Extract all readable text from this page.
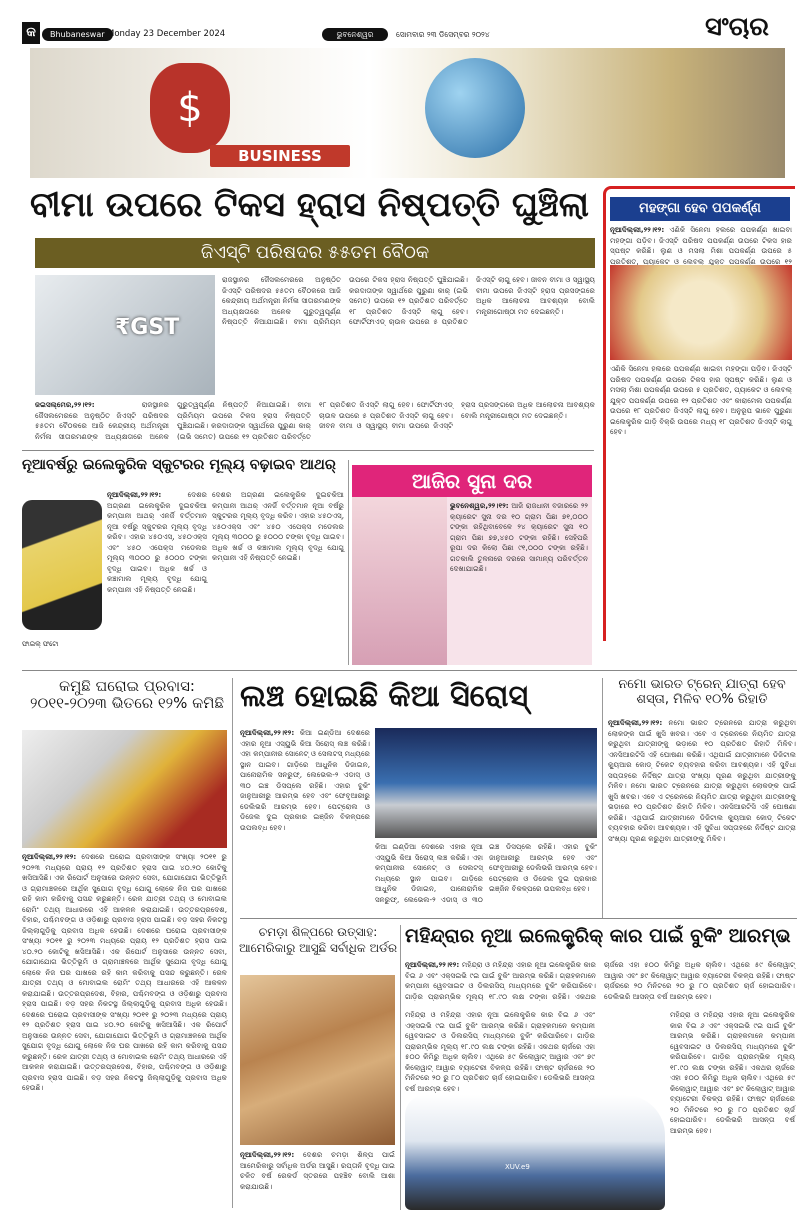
କ	Bhubaneswar Monday 23 December 2024	ଭୁବନେଶ୍ୱର	ସୋମବାର ୨୩ ଡିସେମ୍ବର ୨୦୨୪	ସଂଚାର
$
BUSINESS
ବୀମା ଉପରେ ଟିକସ ହ୍ରାସ ନିଷ୍ପତ୍ତି ଘୁଞ୍ଚିଲା
ଜିଏସ୍‌ଟି ପରିଷଦର ୫୫ତମ ବୈଠକ
₹GST
ରାଜସ୍ଥାନର ଜୈସଲମେରରେ ଅନୁଷ୍ଠିତ ଜିଏସ୍‌ଟି ପରିଷଦର ୫୫ତମ ବୈଠକରେ ଆଜି କେନ୍ଦ୍ରୀୟ ଅର୍ଥମନ୍ତ୍ରୀ ନିର୍ମଳା ସୀତାରମଣଙ୍କ ଅଧ୍ୟକ୍ଷତାରେ ଅନେକ ଗୁରୁତ୍ୱପୂର୍ଣ୍ଣ ନିଷ୍ପତ୍ତି ନିଆଯାଇଛି। ବୀମା ପ୍ରିମିୟମ ଉପରେ ଟିକସ ହ୍ରାସ ନିଷ୍ପତ୍ତି ଘୁଞ୍ଚିଯାଇଛି। କରଦାତାଙ୍କ ସ୍ୱାର୍ଥରେ ପୁରୁଣା କାର୍ (ଇଭି ସମେତ) ଉପରେ ୧୨ ପ୍ରତିଶତ ପରିବର୍ତ୍ତେ ୧୮ ପ୍ରତିଶତ ଜିଏସ୍‌ଟି ଲାଗୁ ହେବ। ଫୋର୍ଟିଫାଏଡ୍ ଚାଉଳ ଉପରେ ୫ ପ୍ରତିଶତ ଜିଏସ୍‌ଟି ଲାଗୁ ହେବ। ଜୀବନ ବୀମା ଓ ସ୍ୱାସ୍ଥ୍ୟ ବୀମା ଉପରେ ଜିଏସ୍‌ଟି ହ୍ରାସ ପ୍ରସଙ୍ଗରେ ଅଧିକ ଆଲୋଚନା ଆବଶ୍ୟକ ବୋଲି ମନ୍ତ୍ରୀଗୋଷ୍ଠୀ ମତ ଦେଇଛନ୍ତି।
ଜଇସଲ୍ମେର,୨୨।୧୨:	ରାଜସ୍ଥାନର ଜୈସଲମେରରେ ଅନୁଷ୍ଠିତ ଜିଏସ୍‌ଟି ପରିଷଦର ୫୫ତମ ବୈଠକରେ ଆଜି କେନ୍ଦ୍ରୀୟ ଅର୍ଥମନ୍ତ୍ରୀ ନିର୍ମଳା ସୀତାରମଣଙ୍କ ଅଧ୍ୟକ୍ଷତାରେ ଅନେକ ଗୁରୁତ୍ୱପୂର୍ଣ୍ଣ ନିଷ୍ପତ୍ତି ନିଆଯାଇଛି। ବୀମା ପ୍ରିମିୟମ ଉପରେ ଟିକସ ହ୍ରାସ ନିଷ୍ପତ୍ତି ଘୁଞ୍ଚିଯାଇଛି। କରଦାତାଙ୍କ ସ୍ୱାର୍ଥରେ ପୁରୁଣା କାର୍ (ଇଭି ସମେତ) ଉପରେ ୧୨ ପ୍ରତିଶତ ପରିବର୍ତ୍ତେ ୧୮ ପ୍ରତିଶତ ଜିଏସ୍‌ଟି ଲାଗୁ ହେବ। ଫୋର୍ଟିଫାଏଡ୍ ଚାଉଳ ଉପରେ ୫ ପ୍ରତିଶତ ଜିଏସ୍‌ଟି ଲାଗୁ ହେବ। ଜୀବନ ବୀମା ଓ ସ୍ୱାସ୍ଥ୍ୟ ବୀମା ଉପରେ ଜିଏସ୍‌ଟି ହ୍ରାସ ପ୍ରସଙ୍ଗରେ ଅଧିକ ଆଲୋଚନା ଆବଶ୍ୟକ ବୋଲି ମନ୍ତ୍ରୀଗୋଷ୍ଠୀ ମତ ଦେଇଛନ୍ତି।
ମହଙ୍ଗା ହେବ ପପକର୍ଣ୍ଣ
ନୂଆଦିଲ୍ଲୀ,୨୨।୧୨: ଏଣିକି ସିନେମା ହଲରେ ପପକର୍ଣ୍ଣ ଖାଇବା ମହଙ୍ଗା ପଡ଼ିବ। ଜିଏସ୍‌ଟି ପରିଷଦ ପପକର୍ଣ୍ଣ ଉପରେ ଟିକସ ହାର ସ୍ପଷ୍ଟ କରିଛି। ଲୁଣ ଓ ମସଲା ମିଶା ପପକର୍ଣ୍ଣ ଉପରେ ୫ ପ୍ରତିଶତ, ପ୍ୟାକେଟ ଓ ଲେବଲ୍ ଯୁକ୍ତ ପପକର୍ଣ୍ଣ ଉପରେ ୧୨
ଏଣିକି ସିନେମା ହଲରେ ପପକର୍ଣ୍ଣ ଖାଇବା ମହଙ୍ଗା ପଡ଼ିବ। ଜିଏସ୍‌ଟି ପରିଷଦ ପପକର୍ଣ୍ଣ ଉପରେ ଟିକସ ହାର ସ୍ପଷ୍ଟ କରିଛି। ଲୁଣ ଓ ମସଲା ମିଶା ପପକର୍ଣ୍ଣ ଉପରେ ୫ ପ୍ରତିଶତ, ପ୍ୟାକେଟ ଓ ଲେବଲ୍ ଯୁକ୍ତ ପପକର୍ଣ୍ଣ ଉପରେ ୧୨ ପ୍ରତିଶତ ଏବଂ କାରାମେଲ ପପକର୍ଣ୍ଣ ଉପରେ ୧୮ ପ୍ରତିଶତ ଜିଏସ୍‌ଟି ଲାଗୁ ହେବ। ଅନୁରୂପ ଭାବେ ପୁରୁଣା ଇଲେକ୍ଟ୍ରିକ ଗାଡ଼ି ବିକ୍ରି ଉପରେ ମଧ୍ୟ ୧୮ ପ୍ରତିଶତ ଜିଏସ୍‌ଟି ଲାଗୁ ହେବ।
ନୂଆବର୍ଷରୁ ଇଲେକ୍ଟ୍ରିକ ସ୍କୁଟରର ମୂଲ୍ୟ ବଢ଼ାଇବ ଆଥର୍
ଫାଇଲ୍ ଫଟୋ
ନୂଆଦିଲ୍ଲୀ,୨୨।୧୨:	ଦେଶର ଅଗ୍ରଣୀ ଇଲେକ୍ଟ୍ରିକ ଦୁଇଚକିଆ କମ୍ପାନୀ ଆଥର୍ ଏନର୍ଜି ବର୍ତ୍ତମାନ ନୂଆ ବର୍ଷରୁ ସ୍କୁଟରର ମୂଲ୍ୟ ବୃଦ୍ଧି କରିବ। ଏହାର ୪୫୦ଏସ୍, ୪୫୦ଏକ୍ସ ଏବଂ ୪୫୦ ଏପେକ୍ସ ମଡେଲର ମୂଲ୍ୟ ୩୦୦୦ ରୁ ୫୦୦୦ ଟଙ୍କା ବୃଦ୍ଧି ପାଇବ। ଅଧିକ ଖର୍ଚ୍ଚ ଓ କଞ୍ଚାମାଲ ମୂଲ୍ୟ ବୃଦ୍ଧି ଯୋଗୁ କମ୍ପାନୀ ଏହି ନିଷ୍ପତ୍ତି ନେଇଛି।
ଦେଶର ଅଗ୍ରଣୀ ଇଲେକ୍ଟ୍ରିକ ଦୁଇଚକିଆ କମ୍ପାନୀ ଆଥର୍ ଏନର୍ଜି ବର୍ତ୍ତମାନ ନୂଆ ବର୍ଷରୁ ସ୍କୁଟରର ମୂଲ୍ୟ ବୃଦ୍ଧି କରିବ। ଏହାର ୪୫୦ଏସ୍, ୪୫୦ଏକ୍ସ ଏବଂ ୪୫୦ ଏପେକ୍ସ ମଡେଲର ମୂଲ୍ୟ ୩୦୦୦ ରୁ ୫୦୦୦ ଟଙ୍କା ବୃଦ୍ଧି ପାଇବ। ଅଧିକ ଖର୍ଚ୍ଚ ଓ କଞ୍ଚାମାଲ ମୂଲ୍ୟ ବୃଦ୍ଧି ଯୋଗୁ କମ୍ପାନୀ ଏହି ନିଷ୍ପତ୍ତି ନେଇଛି।
ଆଜିର ସୁନା ଦର
ଭୁବନେଶ୍ୱର,୨୨।୧୨: ଆଜି ରାଜଧାନୀ ବଜାରରେ ୨୨ କ୍ୟାରେଟ ସୁନା ଦର ୧୦ ଗ୍ରାମ ପିଛା ୭୧,୦୦୦ ଟଙ୍କା ରହିଥିବାବେଳେ ୨୪ କ୍ୟାରେଟ ସୁନା ୧୦ ଗ୍ରାମ ପିଛା ୭୭,୪୫୦ ଟଙ୍କା ରହିଛି। ସେହିପରି ରୂପା ଦର କିଲୋ ପିଛା ୯୧,୦୦୦ ଟଙ୍କା ରହିଛି। ଗତକାଲି ତୁଳନାରେ ଦରରେ ସାମାନ୍ୟ ପରିବର୍ତ୍ତନ ଦେଖାଯାଇଛି।
କମୁଛି ଘରୋଇ ପ୍ରବାସ: ୨୦୧୧-୨୦୨୩ ଭିତରେ ୧୨% କମିଛି
ନୂଆଦିଲ୍ଲୀ,୨୨।୧୨: ଦେଶରେ ଘରୋଇ ପ୍ରବାସୀଙ୍କ ସଂଖ୍ୟା ୨୦୧୧ ରୁ ୨୦୨୩ ମଧ୍ୟରେ ପ୍ରାୟ ୧୨ ପ୍ରତିଶତ ହ୍ରାସ ପାଇ ୪୦.୨୦ କୋଟିକୁ ଖସିଆସିଛି। ଏକ ରିପୋର୍ଟ ଅନୁସାରେ ଉନ୍ନତ ସେବା, ଯୋଗାଯୋଗ ଭିତ୍ତିଭୂମି ଓ ଗ୍ରାମାଞ୍ଚଳରେ ଆର୍ଥିକ ସୁଯୋଗ ବୃଦ୍ଧି ଯୋଗୁ ଲୋକେ ନିଜ ଘର ପାଖରେ ରହି କାମ କରିବାକୁ ପସନ୍ଦ କରୁଛନ୍ତି। ରେଳ ଯାତ୍ରୀ ତଥ୍ୟ ଓ ମୋବାଇଲ ରୋମିଂ ତଥ୍ୟ ଆଧାରରେ ଏହି ଆକଳନ କରାଯାଇଛି। ଉତ୍ତରପ୍ରଦେଶ, ବିହାର, ପଶ୍ଚିମବଙ୍ଗ ଓ ଓଡ଼ିଶାରୁ ପ୍ରବାସ ହ୍ରାସ ପାଇଛି। ବଡ଼ ସହର ନିକଟସ୍ଥ ଜିଲ୍ଲାଗୁଡ଼ିକୁ ପ୍ରବାସ ଅଧିକ ହେଉଛି। ଦେଶରେ ଘରୋଇ ପ୍ରବାସୀଙ୍କ ସଂଖ୍ୟା ୨୦୧୧ ରୁ ୨୦୨୩ ମଧ୍ୟରେ ପ୍ରାୟ ୧୨ ପ୍ରତିଶତ ହ୍ରାସ ପାଇ ୪୦.୨୦ କୋଟିକୁ ଖସିଆସିଛି। ଏକ ରିପୋର୍ଟ ଅନୁସାରେ ଉନ୍ନତ ସେବା, ଯୋଗାଯୋଗ ଭିତ୍ତିଭୂମି ଓ ଗ୍ରାମାଞ୍ଚଳରେ ଆର୍ଥିକ ସୁଯୋଗ ବୃଦ୍ଧି ଯୋଗୁ ଲୋକେ ନିଜ ଘର ପାଖରେ ରହି କାମ କରିବାକୁ ପସନ୍ଦ କରୁଛନ୍ତି। ରେଳ ଯାତ୍ରୀ ତଥ୍ୟ ଓ ମୋବାଇଲ ରୋମିଂ ତଥ୍ୟ ଆଧାରରେ ଏହି ଆକଳନ କରାଯାଇଛି। ଉତ୍ତରପ୍ରଦେଶ, ବିହାର, ପଶ୍ଚିମବଙ୍ଗ ଓ ଓଡ଼ିଶାରୁ ପ୍ରବାସ ହ୍ରାସ ପାଇଛି। ବଡ଼ ସହର ନିକଟସ୍ଥ ଜିଲ୍ଲାଗୁଡ଼ିକୁ ପ୍ରବାସ ଅଧିକ ହେଉଛି। ଦେଶରେ ଘରୋଇ ପ୍ରବାସୀଙ୍କ ସଂଖ୍ୟା ୨୦୧୧ ରୁ ୨୦୨୩ ମଧ୍ୟରେ ପ୍ରାୟ ୧୨ ପ୍ରତିଶତ ହ୍ରାସ ପାଇ ୪୦.୨୦ କୋଟିକୁ ଖସିଆସିଛି। ଏକ ରିପୋର୍ଟ ଅନୁସାରେ ଉନ୍ନତ ସେବା, ଯୋଗାଯୋଗ ଭିତ୍ତିଭୂମି ଓ ଗ୍ରାମାଞ୍ଚଳରେ ଆର୍ଥିକ ସୁଯୋଗ ବୃଦ୍ଧି ଯୋଗୁ ଲୋକେ ନିଜ ଘର ପାଖରେ ରହି କାମ କରିବାକୁ ପସନ୍ଦ କରୁଛନ୍ତି। ରେଳ ଯାତ୍ରୀ ତଥ୍ୟ ଓ ମୋବାଇଲ ରୋମିଂ ତଥ୍ୟ ଆଧାରରେ ଏହି ଆକଳନ କରାଯାଇଛି। ଉତ୍ତରପ୍ରଦେଶ, ବିହାର, ପଶ୍ଚିମବଙ୍ଗ ଓ ଓଡ଼ିଶାରୁ ପ୍ରବାସ ହ୍ରାସ ପାଇଛି। ବଡ଼ ସହର ନିକଟସ୍ଥ ଜିଲ୍ଲାଗୁଡ଼ିକୁ ପ୍ରବାସ ଅଧିକ ହେଉଛି।
ଲଞ୍ଚ ହୋଇଛି କିଆ ସିରୋସ୍
ନୂଆଦିଲ୍ଲୀ,୨୨।୧୨: କିଆ ଇଣ୍ଡିଆ ଦେଶରେ ଏହାର ନୂଆ ଏସ୍‌ୟୁଭି କିଆ ସିରୋସ୍ ଲଞ୍ଚ କରିଛି। ଏହା କମ୍ପାନୀର ସୋନେଟ୍ ଓ ସେଲଟସ୍ ମଧ୍ୟରେ ସ୍ଥାନ ପାଇବ। ଗାଡ଼ିରେ ଆଧୁନିକ ଡିଜାଇନ, ପାନୋରାମିକ ସନରୁଫ୍, ଲେଭେଲ-୨ ଏଡାସ୍ ଓ ୩୦ ଇଞ୍ଚ ଡିସପ୍ଲେ ରହିଛି। ଏହାର ବୁକିଂ ଜାନୁଆରୀରୁ ଆରମ୍ଭ ହେବ ଏବଂ ଫେବୃଆରୀରୁ ଡେଲିଭରି ଆରମ୍ଭ ହେବ। ପେଟ୍ରୋଲ ଓ ଡିଜେଲ ଦୁଇ ପ୍ରକାର ଇଞ୍ଜିନ ବିକଳ୍ପରେ ଉପଲବ୍ଧ ହେବ।
କିଆ ଇଣ୍ଡିଆ ଦେଶରେ ଏହାର ନୂଆ ଏସ୍‌ୟୁଭି କିଆ ସିରୋସ୍ ଲଞ୍ଚ କରିଛି। ଏହା କମ୍ପାନୀର ସୋନେଟ୍ ଓ ସେଲଟସ୍ ମଧ୍ୟରେ ସ୍ଥାନ ପାଇବ। ଗାଡ଼ିରେ ଆଧୁନିକ ଡିଜାଇନ, ପାନୋରାମିକ ସନରୁଫ୍, ଲେଭେଲ-୨ ଏଡାସ୍ ଓ ୩୦ ଇଞ୍ଚ ଡିସପ୍ଲେ ରହିଛି। ଏହାର ବୁକିଂ ଜାନୁଆରୀରୁ ଆରମ୍ଭ ହେବ ଏବଂ ଫେବୃଆରୀରୁ ଡେଲିଭରି ଆରମ୍ଭ ହେବ। ପେଟ୍ରୋଲ ଓ ଡିଜେଲ ଦୁଇ ପ୍ରକାର ଇଞ୍ଜିନ ବିକଳ୍ପରେ ଉପଲବ୍ଧ ହେବ।
ନମୋ ଭାରତ ଟ୍ରେନ୍ ଯାତ୍ରା ହେବ ଶସ୍ତା, ମିଳିବ ୧୦% ରିହାତି
ନୂଆଦିଲ୍ଲୀ,୨୨।୧୨: ନମୋ ଭାରତ ଟ୍ରେନରେ ଯାତ୍ରା କରୁଥିବା ଲୋକଙ୍କ ପାଇଁ ଖୁସି ଖବର। ଏବେ ଏ ଟ୍ରେନରେ ନିୟମିତ ଯାତ୍ରା କରୁଥିବା ଯାତ୍ରୀଙ୍କୁ ଭଡ଼ାରେ ୧୦ ପ୍ରତିଶତ ରିହାତି ମିଳିବ। ଏନସିଆରଟିସି ଏହି ଘୋଷଣା କରିଛି। ଏଥିପାଇଁ ଯାତ୍ରୀମାନେ ଡିଜିଟାଲ କ୍ୟୁଆର କୋଡ୍ ଟିକେଟ ବ୍ୟବହାର କରିବା ଆବଶ୍ୟକ। ଏହି ସୁବିଧା ସପ୍ତାହରେ ନିର୍ଦ୍ଦିଷ୍ଟ ଯାତ୍ରା ସଂଖ୍ୟା ପୂରଣ କରୁଥିବା ଯାତ୍ରୀଙ୍କୁ ମିଳିବ। ନମୋ ଭାରତ ଟ୍ରେନରେ ଯାତ୍ରା କରୁଥିବା ଲୋକଙ୍କ ପାଇଁ ଖୁସି ଖବର। ଏବେ ଏ ଟ୍ରେନରେ ନିୟମିତ ଯାତ୍ରା କରୁଥିବା ଯାତ୍ରୀଙ୍କୁ ଭଡ଼ାରେ ୧୦ ପ୍ରତିଶତ ରିହାତି ମିଳିବ। ଏନସିଆରଟିସି ଏହି ଘୋଷଣା କରିଛି। ଏଥିପାଇଁ ଯାତ୍ରୀମାନେ ଡିଜିଟାଲ କ୍ୟୁଆର କୋଡ୍ ଟିକେଟ ବ୍ୟବହାର କରିବା ଆବଶ୍ୟକ। ଏହି ସୁବିଧା ସପ୍ତାହରେ ନିର୍ଦ୍ଦିଷ୍ଟ ଯାତ୍ରା ସଂଖ୍ୟା ପୂରଣ କରୁଥିବା ଯାତ୍ରୀଙ୍କୁ ମିଳିବ।
ଚମଡ଼ା ଶିଳ୍ପରେ ଉତ୍ସାହ: ଆମେରିକାରୁ ଆସୁଛି ସର୍ବାଧିକ ଅର୍ଡର
ନୂଆଦିଲ୍ଲୀ,୨୨।୧୨: ଦେଶର ଚମଡ଼ା ଶିଳ୍ପ ପାଇଁ ଆମେରିକାରୁ ସର୍ବାଧିକ ଅର୍ଡର ଆସୁଛି। ରପ୍ତାନି ବୃଦ୍ଧି ପାଇ ଚଳିତ ବର୍ଷ ରେକର୍ଡ ସ୍ତରରେ ପହଞ୍ଚିବ ବୋଲି ଆଶା କରାଯାଉଛି।
ମହିନ୍ଦ୍ରାର ନୂଆ ଇଲେକ୍ଟ୍ରିକ୍ କାର ପାଇଁ ବୁକିଂ ଆରମ୍ଭ
ନୂଆଦିଲ୍ଲୀ,୨୨।୧୨: ମହିନ୍ଦ୍ରା ଓ ମହିନ୍ଦ୍ରା ଏହାର ନୂଆ ଇଲେକ୍ଟ୍ରିକ କାର ବିଇ ୬ ଏବଂ ଏକ୍ସଇଭି ୯ଇ ପାଇଁ ବୁକିଂ ଆରମ୍ଭ କରିଛି। ଗ୍ରାହକମାନେ କମ୍ପାନୀ ୱେବସାଇଟ ଓ ଡିଲରସିପ୍ ମାଧ୍ୟମରେ ବୁକିଂ କରିପାରିବେ। ଗାଡ଼ିର ପ୍ରାରମ୍ଭିକ ମୂଲ୍ୟ ୧୮.୯୦ ଲକ୍ଷ ଟଙ୍କା ରହିଛି। ଏକଥର ଚାର୍ଜରେ ଏହା ୫୦୦ କିମିରୁ ଅଧିକ ଚାଲିବ। ଏଥିରେ ୫୯ କିଲୋୱାଟ୍ ଆୱାର ଏବଂ ୭୯ କିଲୋୱାଟ୍ ଆୱାର ବ୍ୟାଟେରୀ ବିକଳ୍ପ ରହିଛି। ଫାଷ୍ଟ ଚାର୍ଜରରେ ୨୦ ମିନିଟରେ ୨୦ ରୁ ୮୦ ପ୍ରତିଶତ ଚାର୍ଜ ହୋଇପାରିବ। ଡେଲିଭରି ଆସନ୍ତା ବର୍ଷ ଆରମ୍ଭ ହେବ।
ମହିନ୍ଦ୍ରା ଓ ମହିନ୍ଦ୍ରା ଏହାର ନୂଆ ଇଲେକ୍ଟ୍ରିକ କାର ବିଇ ୬ ଏବଂ ଏକ୍ସଇଭି ୯ଇ ପାଇଁ ବୁକିଂ ଆରମ୍ଭ କରିଛି। ଗ୍ରାହକମାନେ କମ୍ପାନୀ ୱେବସାଇଟ ଓ ଡିଲରସିପ୍ ମାଧ୍ୟମରେ ବୁକିଂ କରିପାରିବେ। ଗାଡ଼ିର ପ୍ରାରମ୍ଭିକ ମୂଲ୍ୟ ୧୮.୯୦ ଲକ୍ଷ ଟଙ୍କା ରହିଛି। ଏକଥର ଚାର୍ଜରେ ଏହା ୫୦୦ କିମିରୁ ଅଧିକ ଚାଲିବ। ଏଥିରେ ୫୯ କିଲୋୱାଟ୍ ଆୱାର ଏବଂ ୭୯ କିଲୋୱାଟ୍ ଆୱାର ବ୍ୟାଟେରୀ ବିକଳ୍ପ ରହିଛି। ଫାଷ୍ଟ ଚାର୍ଜରରେ ୨୦ ମିନିଟରେ ୨୦ ରୁ ୮୦ ପ୍ରତିଶତ ଚାର୍ଜ ହୋଇପାରିବ। ଡେଲିଭରି ଆସନ୍ତା ବର୍ଷ ଆରମ୍ଭ ହେବ।
ମହିନ୍ଦ୍ରା ଓ ମହିନ୍ଦ୍ରା ଏହାର ନୂଆ ଇଲେକ୍ଟ୍ରିକ କାର ବିଇ ୬ ଏବଂ ଏକ୍ସଇଭି ୯ଇ ପାଇଁ ବୁକିଂ ଆରମ୍ଭ କରିଛି। ଗ୍ରାହକମାନେ କମ୍ପାନୀ ୱେବସାଇଟ ଓ ଡିଲରସିପ୍ ମାଧ୍ୟମରେ ବୁକିଂ କରିପାରିବେ। ଗାଡ଼ିର ପ୍ରାରମ୍ଭିକ ମୂଲ୍ୟ ୧୮.୯୦ ଲକ୍ଷ ଟଙ୍କା ରହିଛି। ଏକଥର ଚାର୍ଜରେ ଏହା ୫୦୦ କିମିରୁ ଅଧିକ ଚାଲିବ। ଏଥିରେ ୫୯ କିଲୋୱାଟ୍ ଆୱାର ଏବଂ ୭୯ କିଲୋୱାଟ୍ ଆୱାର ବ୍ୟାଟେରୀ ବିକଳ୍ପ ରହିଛି। ଫାଷ୍ଟ ଚାର୍ଜରରେ ୨୦ ମିନିଟରେ ୨୦ ରୁ ୮୦ ପ୍ରତିଶତ ଚାର୍ଜ ହୋଇପାରିବ। ଡେଲିଭରି ଆସନ୍ତା ବର୍ଷ ଆରମ୍ଭ ହେବ।
XUV.e9
